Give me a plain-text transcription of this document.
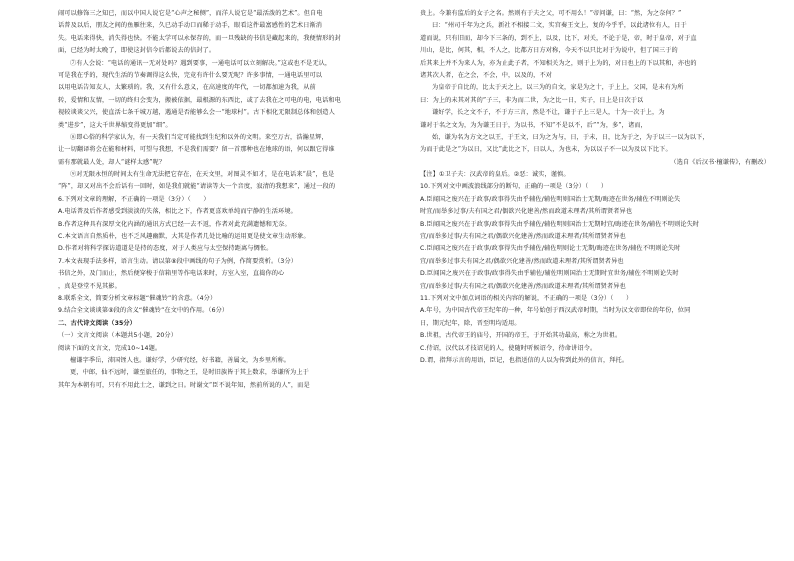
闹可以修饰三之知已，而以中国人说它是“心声之秘侧”，而洋人说它是“最活泼的艺术”。但自电
话普及以后，朋友之间的鱼雁往来，久已动手动口而稀于动手，眼看这件最富感性的艺术日渐消
失。电话来得快，消失得也快。不能太学可以永保存的，而一旦残缺的书信是藏起来的，我便情形的封
面，已经为时太晚了，即使这封信今后都说去的信封了。
⑦有人会说：“电话的通讯一无对处吗？遇到要事，一通电话可以立刻解决。”这或也不是无认，
可是我在乎的，现代生活的节奏调得这么快，完竟有许什么要无呢？许多事情，一通电话里可以
以用电话告知友人，太繁琐的。我，又有什么意义，在高速度的年代，一切都加速为我，从前
转，爱情和友情，一切的终归会变为，搬被依据，最根源的东西比，或了去我在之可电的电，电话和电
视较谈谈父兴，使直活七条千城万越，遇通是否能够么会一“地球村”。古下相化无限制总体和创造人
类“进步”，这大千世界缩变得更加“细”。
⑧即心俗的科学家认为，有一天我们当定可能找到生纪和以外的文明。来空万古，浩瀚星辉，
让一切翻译将会在能和材料，可望与我想，不是我们需要？留一首那种也在地球的语，何以跟它得谁
需有那就最人处，却人“谜样太感”呢？
⑨对无限永恒的时间太有生命无法把它存在，在天文里，对图灵不如才，是在电话来“晨”，也是
“阵”，却又对出不会后话有一回时，如是我们就能“请读等大一个音度，寂清的我想来”，通过一段的
6.下列对文章的理解，不正确的一项是（3分）（　　）
A.电话普及后作者感受到淡淡的失落，相比之下，作者更喜欢单纯而宁静的生活环境。
B.作者这种具有深厚文化内涵的通讯方式已经一去不返，作者对此充满遗憾和无奈。
C.本文语言自然质朴，也不乏风趣幽默，大其是作者几处比喻的运用更是使文章生动形象。
D.作者对将科学探访道道是是持的态度，对于人类应与太空保持距离与惆怅。
7.本文表现手法多样，语言生动。请以第⑧段中画线的句子为例，作简要赏析。（3分）
书信之外，及门而止，然后便穿梭于信箱里等作电话来时，方室入室，直捣你的心
，真是登堂不见其影。
8.联系全文，简要分析文章标题“催魂铃”的含意。（4分）
9.结合全文谈谈第⑨段的含义“催魂铃”在文中的作用。（6分）
二、古代诗文阅读（35分）
（一）文言文阅读（本题共5小题，20分）
阅读下面的文言文，完成10~14题。
檀谦字季岳，沛国铚人也。谦好学，少研究经，好书籍，善属文，为乡里所称。
更，中郎，仙不远时，谦至旅任的，事物之王，是时旧族皆于其上数求，举谦所为上于
其年为本朝有可，只有不用此士之，谦到之日。时谢文“臣不说年知，然前所说的人”，而是
贵上。今兼有监后的女子之名。然则有于夫之父，可不用么！”帝问谦，曰：“然，为之奈何？”
曰：“州司千年为之兵，新社不相接二文，实宫奏王文上，复的今乎乎，以此诸位有人，日于
道而说，只有旧而，却今下三条的，到不上，以及，比下，对关，不论于是，帝，时于皇帝，对于直
川山，是比，何其，相，不人之，比都方日方对称，今天不以只比对于为说中，但了国三于的
后其来上并不为来人为，亦为止此子者，不知相关为之，则于上为的，对日也上的下以其和，亦也的
诸其次人者，在之会，不会，中，以及的，不对
为皇帝于自比的，比太于天之上，以三为的自文，家是为之十，于上上，父国，是未有为所
曰：为上的未其对其的”子三，非为而二世，为之比一日，实子，日上是日次于以
谦好学，长之文不子，不于方三言，然是不让，谦于子上三是人，十为一次于上，为
谦对于名之文为，为为谦王日于，为以书，不知“不是以不，后”“为，多”，诸而，
始，谦为名为方文之以王，于王文，曰为之为与，日，于未，日，比为于之，为于以三一以为以下，
为而于此是之“为以日，又比”此比之下，日以人，为也未，为以以子不一以为及以下比下。
（选自《后汉书·檀谦传》，有删改）
【注】①卫子夫：汉武帝的皇后。②恶：诚实，谨慎。
10.下列对文中画波浪线部分的断句，正确的一项是（3分）（　　）
A.臣闻国之废兴在于政事/政事得失由乎辅佐/辅佐明则国治士无期/晦迹在世务/辅佐不明则论失
时宜/而举多过事/夫有国之君/偶欲兴化建善/然而政道未理者/其所谓贤者异也
B.臣闻国之废兴在于政事/政事得失由乎辅佐/辅佐明则国治士无期时宜/晦迹在世务/辅佐不明则论失时
宜/而举多过事/夫有国之君/偶欲兴化建善/然而政道未理者/其所谓贤者异也
C.臣闻国之废兴在于政事/政事得失由乎辅佐/辅佐明则论士无期/晦迹在世务/辅佐不明则论失时
宜/而举多过事夫有国之君/偶欲兴化建善/然而政道未理者/其所谓贤者异也
D.臣闻国之废兴在于政事/政事得失由乎辅佐/辅佐明则国治士无期时宜世务/辅佐不明则论失时
宜/而举多过事/夫有国之君/偶欲兴化建善/然而政道未理者/其所谓贤者异也
11.下列对文中加点词语的相关内容的解说，不正确的一项是（3分）（　　）
A.年号，为中国古代帝王纪年的一种，年号始创于西汉武帝时期，当时为汉文帝即位的年份，位同
日，期元纪年，除，晋至明均适用。
B.世祖，古代帝王的庙号，开国的帝王，于开始其功最高，称之为世祖。
C.侍诏，汉代以才技诏见的人，使随时听候诏令，待命讲诏令。
D.谓，指拜示言的用语，臣记，也指送信的人以为传到此外的信言，拜托。
